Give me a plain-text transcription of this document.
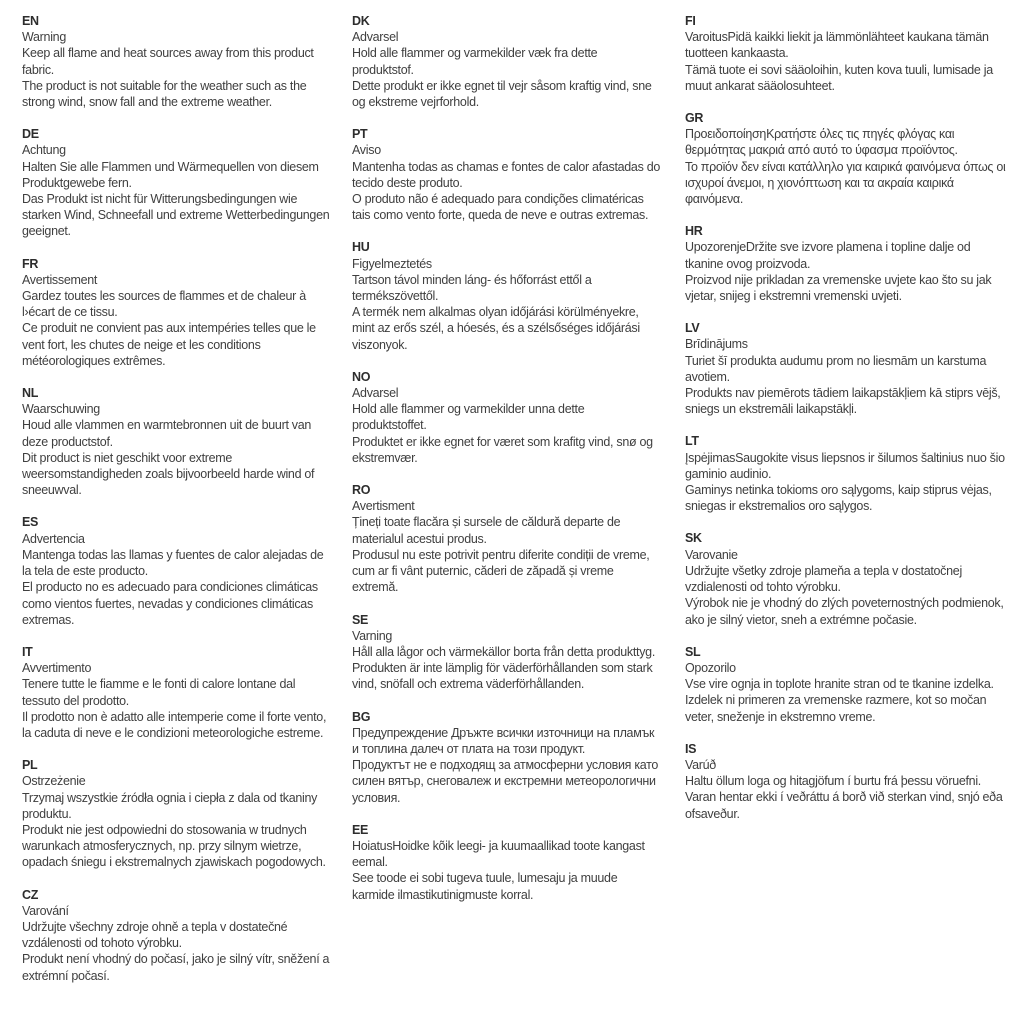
EN

Warning

Keep all flame and heat sources away from this product fabric.

The product is not suitable for the weather such as the strong wind, snow fall and the extreme weather.

DE

Achtung

Halten Sie alle Flammen und Wärmequellen von diesem Produktgewebe fern.

Das Produkt ist nicht für Witterungsbedingungen wie starken Wind, Schneefall und extreme Wetterbedingungen geeignet.

FR

Avertissement

Gardez toutes les sources de flammes et de chaleur à l›écart de ce tissu.

Ce produit ne convient pas aux intempéries telles que le vent fort, les chutes de neige et les conditions météorologiques extrêmes.

NL

Waarschuwing

Houd alle vlammen en warmtebronnen uit de buurt van deze productstof.

Dit product is niet geschikt voor extreme weersomstandigheden zoals bijvoorbeeld harde wind of sneeuwval.

ES

Advertencia

Mantenga todas las llamas y fuentes de calor alejadas de la tela de este producto.

El producto no es adecuado para condiciones climáticas como vientos fuertes, nevadas y condiciones climáticas extremas.

IT

Avvertimento

Tenere tutte le fiamme e le fonti di calore lontane dal tessuto del prodotto.

Il prodotto non è adatto alle intemperie come il forte vento, la caduta di neve e le condizioni meteorologiche estreme.

PL

Ostrzeżenie

Trzymaj wszystkie źródła ognia i ciepła z dala od tkaniny produktu.

Produkt nie jest odpowiedni do stosowania w trudnych warunkach atmosferycznych, np. przy silnym wietrze, opadach śniegu i ekstremalnych zjawiskach pogodowych.

CZ

Varování

Udržujte všechny zdroje ohně a tepla v dostatečné vzdálenosti od tohoto výrobku.

Produkt není vhodný do počasí, jako je silný vítr, sněžení a extrémní počasí.

DK

Advarsel

Hold alle flammer og varmekilder væk fra dette produktstof.

Dette produkt er ikke egnet til vejr såsom kraftig vind, sne og ekstreme vejrforhold.

PT

Aviso

Mantenha todas as chamas e fontes de calor afastadas do tecido deste produto.

O produto não é adequado para condições climatéricas tais como vento forte, queda de neve e outras extremas.

HU

Figyelmeztetés

Tartson távol minden láng- és hőforrást ettől a termékszövettől.

A termék nem alkalmas olyan időjárási körülményekre, mint az erős szél, a hóesés, és a szélsőséges időjárási viszonyok.

NO

Advarsel

Hold alle flammer og varmekilder unna dette produktstoffet.

Produktet er ikke egnet for været som krafitg vind, snø og ekstremvær.

RO

Avertisment

Țineți toate flacăra și sursele de căldură departe de materialul acestui produs.

Produsul nu este potrivit pentru diferite condiții de vreme, cum ar fi vânt puternic, căderi de zăpadă și vreme extremă.

SE

Varning

Håll alla lågor och värmekällor borta från detta produkttyg.

Produkten är inte lämplig för väderförhållanden som stark vind, snöfall och extrema väderförhållanden.

BG

Предупреждение Дръжте всички източници на пламък и топлина далеч от плата на този продукт.

Продуктът не е подходящ за атмосферни условия като силен вятър, снеговалеж и екстремни метеорологични условия.

EE

HoiatusHoidke kõik leegi- ja kuumaallikad toote kangast eemal.

See toode ei sobi tugeva tuule, lumesaju ja muude karmide ilmastikutinigmuste korral.

FI

VaroitusPidä kaikki liekit ja lämmönlähteet kaukana tämän tuotteen kankaasta.

Tämä tuote ei sovi sääoloihin, kuten kova tuuli, lumisade ja muut ankarat sääolosuhteet.

GR

ΠροειδοποίησηΚρατήστε όλες τις πηγές φλόγας και θερμότητας μακριά από αυτό το ύφασμα προϊόντος.

Το προϊόν δεν είναι κατάλληλο για καιρικά φαινόμενα όπως οι ισχυροί άνεμοι, η χιονόπτωση και τα ακραία καιρικά φαινόμενα.

HR

UpozorenjeDržite sve izvore plamena i topline dalje od tkanine ovog proizvoda.

Proizvod nije prikladan za vremenske uvjete kao što su jak vjetar, snijeg i ekstremni vremenski uvjeti.

LV

Brīdinājums

Turiet šī produkta audumu prom no liesmām un karstuma avotiem.

Produkts nav piemērots tādiem laikapstākļiem kā stiprs vējš, sniegs un ekstremāli laikapstākļi.

LT

ĮspėjimasSaugokite visus liepsnos ir šilumos šaltinius nuo šio gaminio audinio.

Gaminys netinka tokioms oro sąlygoms, kaip stiprus vėjas, sniegas ir ekstremalios oro sąlygos.

SK

Varovanie

Udržujte všetky zdroje plameňa a tepla v dostatočnej vzdialenosti od tohto výrobku.

Výrobok nie je vhodný do zlých poveternostných podmienok, ako je silný vietor, sneh a extrémne počasie.

SL

Opozorilo

Vse vire ognja in toplote hranite stran od te tkanine izdelka.

Izdelek ni primeren za vremenske razmere, kot so močan veter, sneženje in ekstremno vreme.

IS

Varúð

Haltu öllum loga og hitagjöfum í burtu frá þessu vöruefni.

Varan hentar ekki í veðráttu á borð við sterkan vind, snjó eða ofsaveður.
